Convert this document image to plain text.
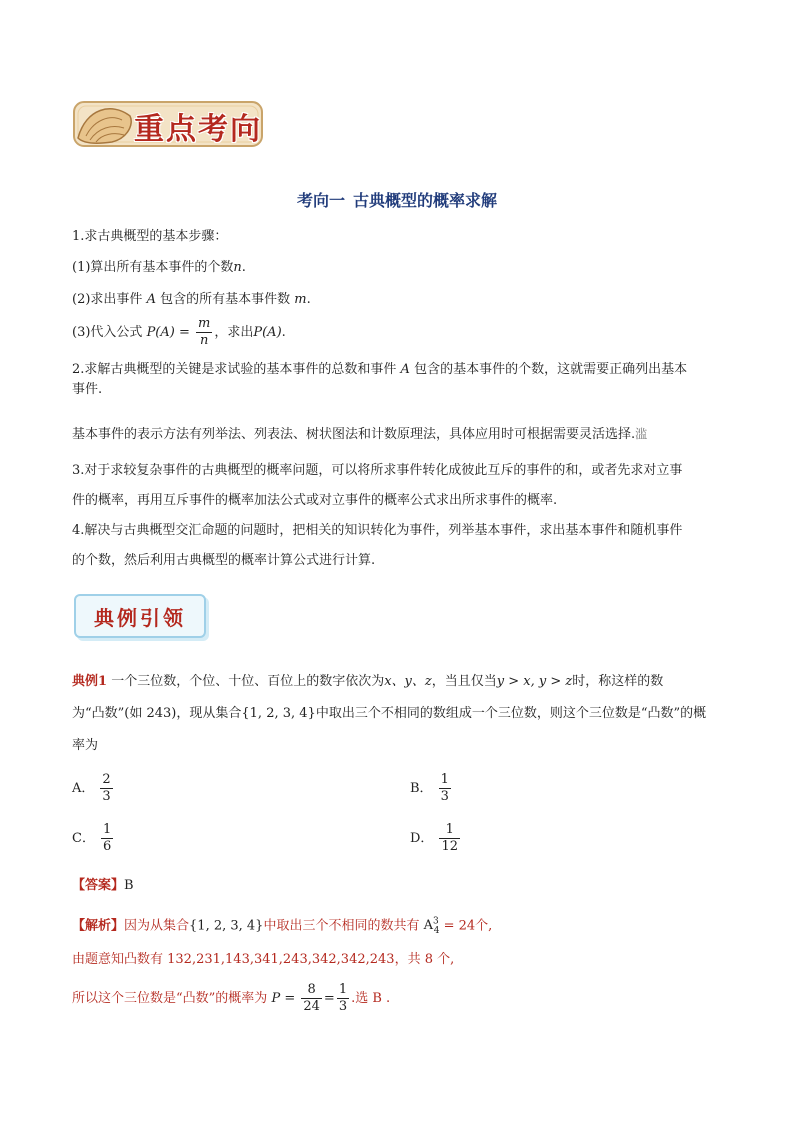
重点考向
考向一 古典概型的概率求解
1.求古典概型的基本步骤：
(1)算出所有基本事件的个数n.
(2)求出事件 A 包含的所有基本事件数 m.
(3)代入公式 $P(A) = \frac{m}{n}$ ，求出P(A).
2.求解古典概型的关键是求试验的基本事件的总数和事件 A 包含的基本事件的个数，这就需要正确列出基本
事件.
基本事件的表示方法有列举法、列表法、树状图法和计数原理法，具体应用时可根据需要灵活选择.滥
3.对于求较复杂事件的古典概型的概率问题，可以将所求事件转化成彼此互斥的事件的和，或者先求对立事
件的概率，再用互斥事件的概率加法公式或对立事件的概率公式求出所求事件的概率.
4.解决与古典概型交汇命题的问题时，把相关的知识转化为事件，列举基本事件，求出基本事件和随机事件
的个数，然后利用古典概型的概率计算公式进行计算.
典例引领
典例1 一个三位数，个位、十位、百位上的数字依次为x、y、z，当且仅当y > x, y > z时，称这样的数
为“凸数”(如 243)，现从集合{1, 2, 3, 4}中取出三个不相同的数组成一个三位数，则这个三位数是“凸数”的概
率为
A． $\frac{2}{3}$	B． $\frac{1}{3}$
C． $\frac{1}{6}$	D． $\frac{1}{12}$
【答案】B
【解析】因为从集合{1, 2, 3, 4}中取出三个不相同的数共有 $A^3_4 = 24$个,
由题意知凸数有 132,231,143,341,243,342,342,243，共 8 个,
所以这个三位数是“凸数”的概率为 $P = \frac{8}{24} = \frac{1}{3}$ .选 B .
